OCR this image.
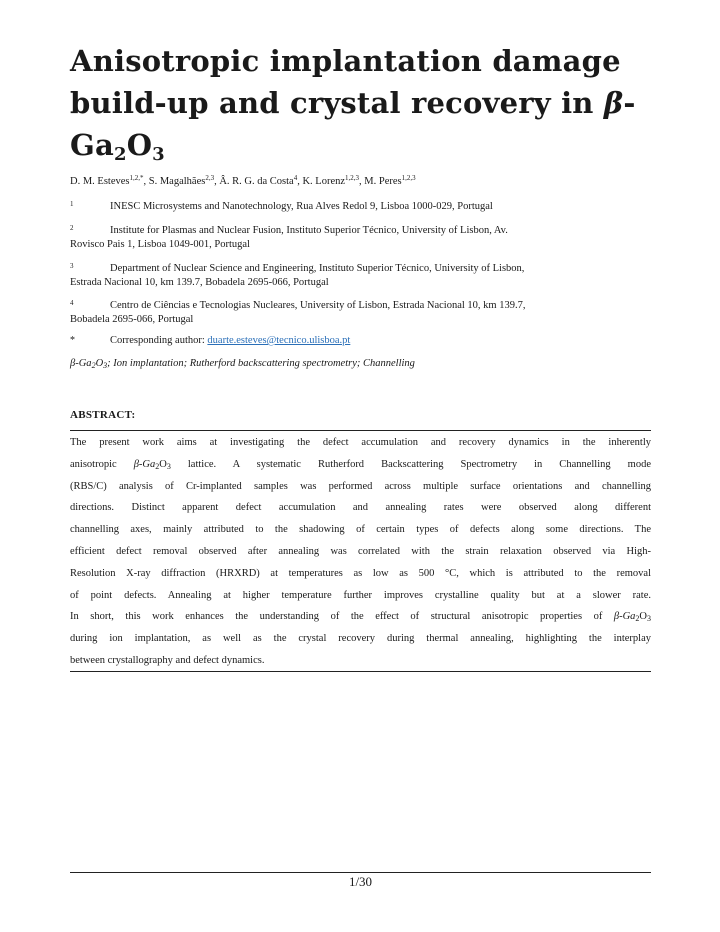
Anisotropic implantation damage
build-up and crystal recovery in β-
$Ga_2O_3$
D. M. Esteves$^{1,2,*}$, S. Magalhães$^{2,3}$, Â. R. G. da Costa$^4$, K. Lorenz$^{1,2,3}$, M. Peres$^{1,2,3}$
1	INESC Microsystems and Nanotechnology, Rua Alves Redol 9, Lisboa 1000-029, Portugal
2	Institute for Plasmas and Nuclear Fusion, Instituto Superior Técnico, University of Lisbon, Av.
Rovisco Pais 1, Lisboa 1049-001, Portugal
3	Department of Nuclear Science and Engineering, Instituto Superior Técnico, University of Lisbon,
Estrada Nacional 10, km 139.7, Bobadela 2695-066, Portugal
4	Centro de Ciências e Tecnologias Nucleares, University of Lisbon, Estrada Nacional 10, km 139.7,
Bobadela 2695-066, Portugal
*	Corresponding author: duarte.esteves@tecnico.ulisboa.pt
$\beta-Ga_2O_3$; Ion implantation; Rutherford backscattering spectrometry; Channelling
ABSTRACT:
The present work aims at investigating the defect accumulation and recovery dynamics in the inherently
anisotropic $\beta-Ga_2O_3$ lattice. A systematic Rutherford Backscattering Spectrometry in Channelling mode
(RBS/C) analysis of Cr-implanted samples was performed across multiple surface orientations and channelling
directions. Distinct apparent defect accumulation and annealing rates were observed along different
channelling axes, mainly attributed to the shadowing of certain types of defects along some directions. The
efficient defect removal observed after annealing was correlated with the strain relaxation observed via High-
Resolution X-ray diffraction (HRXRD) at temperatures as low as 500 °C, which is attributed to the removal
of point defects. Annealing at higher temperature further improves crystalline quality but at a slower rate.
In short, this work enhances the understanding of the effect of structural anisotropic properties of $\beta-Ga_2O_3$
during ion implantation, as well as the crystal recovery during thermal annealing, highlighting the interplay
between crystallography and defect dynamics.
1/30
